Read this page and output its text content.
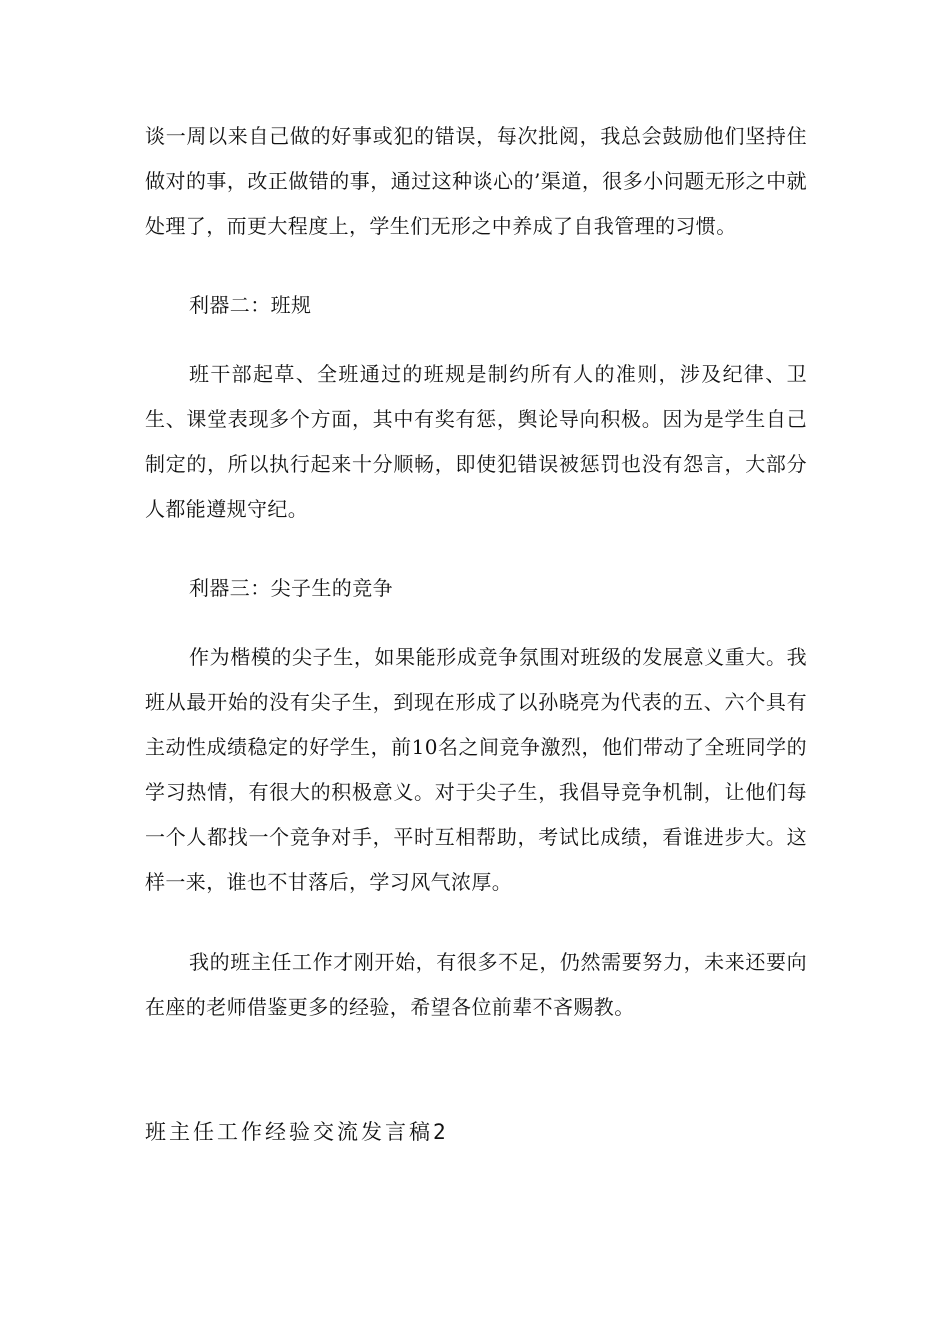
谈一周以来自己做的好事或犯的错误，每次批阅，我总会鼓励他们坚持住做对的事，改正做错的事，通过这种谈心的’渠道，很多小问题无形之中就处理了，而更大程度上，学生们无形之中养成了自我管理的习惯。

利器二：班规

班干部起草、全班通过的班规是制约所有人的准则，涉及纪律、卫生、课堂表现多个方面，其中有奖有惩，舆论导向积极。因为是学生自己制定的，所以执行起来十分顺畅，即使犯错误被惩罚也没有怨言，大部分人都能遵规守纪。

利器三：尖子生的竞争

作为楷模的尖子生，如果能形成竞争氛围对班级的发展意义重大。我班从最开始的没有尖子生，到现在形成了以孙晓亮为代表的五、六个具有主动性成绩稳定的好学生，前10名之间竞争激烈，他们带动了全班同学的学习热情，有很大的积极意义。对于尖子生，我倡导竞争机制，让他们每一个人都找一个竞争对手，平时互相帮助，考试比成绩，看谁进步大。这样一来，谁也不甘落后，学习风气浓厚。

我的班主任工作才刚开始，有很多不足，仍然需要努力，未来还要向在座的老师借鉴更多的经验，希望各位前辈不吝赐教。

班主任工作经验交流发言稿2
